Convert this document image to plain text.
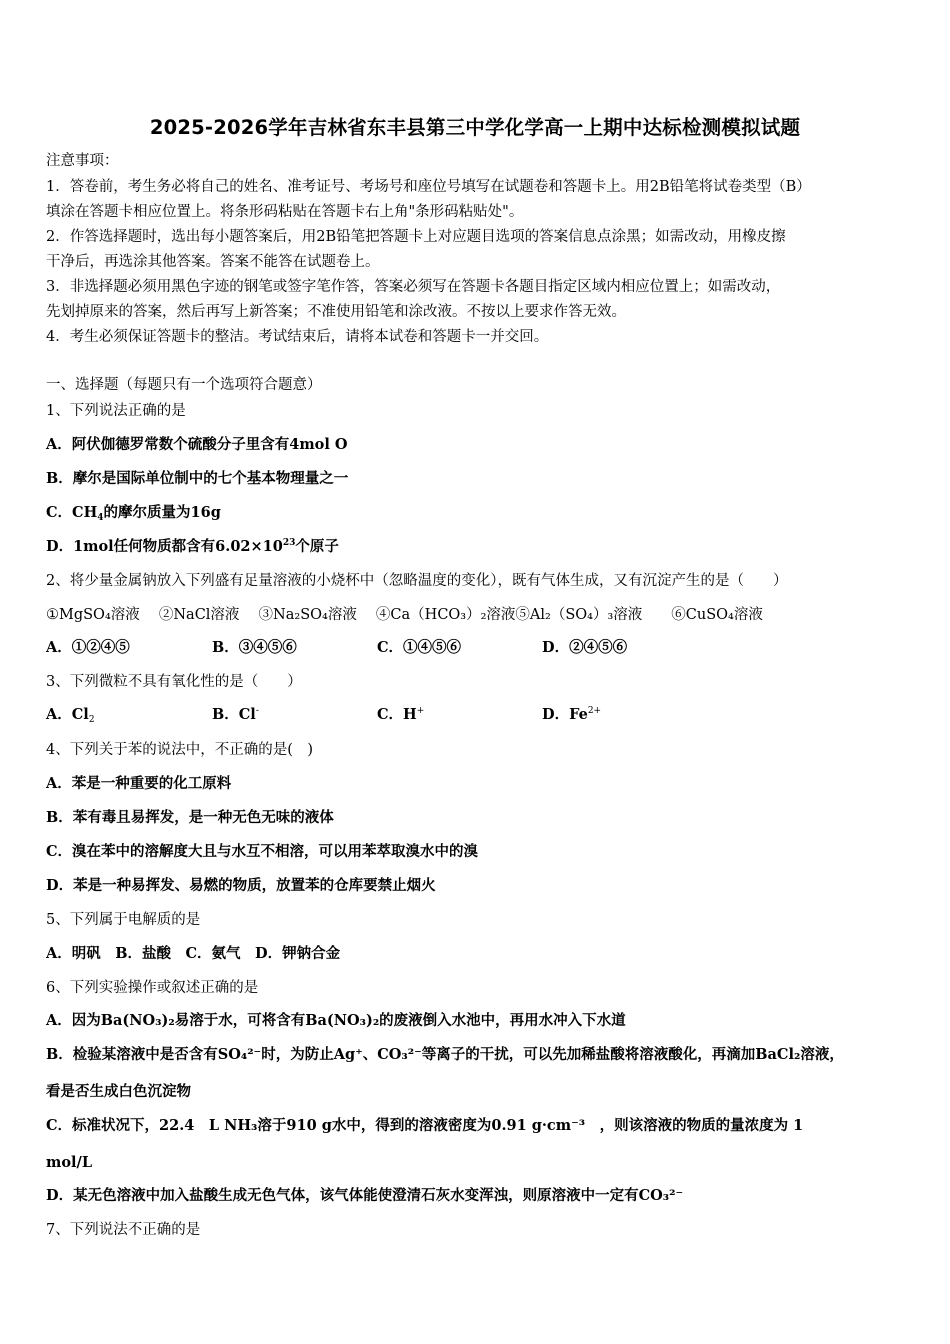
2025-2026学年吉林省东丰县第三中学化学高一上期中达标检测模拟试题
注意事项：
1．答卷前，考生务必将自己的姓名、准考证号、考场号和座位号填写在试题卷和答题卡上。用2B铅笔将试卷类型（B）
填涂在答题卡相应位置上。将条形码粘贴在答题卡右上角"条形码粘贴处"。
2．作答选择题时，选出每小题答案后，用2B铅笔把答题卡上对应题目选项的答案信息点涂黑；如需改动，用橡皮擦
干净后，再选涂其他答案。答案不能答在试题卷上。
3．非选择题必须用黑色字迹的钢笔或签字笔作答，答案必须写在答题卡各题目指定区域内相应位置上；如需改动，
先划掉原来的答案，然后再写上新答案；不准使用铅笔和涂改液。不按以上要求作答无效。
4．考生必须保证答题卡的整洁。考试结束后，请将本试卷和答题卡一并交回。
一、选择题（每题只有一个选项符合题意）
1、下列说法正确的是
A．阿伏伽德罗常数个硫酸分子里含有4mol O
B．摩尔是国际单位制中的七个基本物理量之一
C．$CH_4$的摩尔质量为16g
D．1mol任何物质都含有$6.02\times 10^{23}$个原子
2、将少量金属钠放入下列盛有足量溶液的小烧杯中（忽略温度的变化），既有气体生成，又有沉淀产生的是（　　）
①MgSO₄溶液　 ②NaCl溶液　 ③Na₂SO₄溶液　 ④Ca（HCO₃）₂溶液⑤Al₂（SO₄）₃溶液　　⑥CuSO₄溶液
A．①②④⑤	B．③④⑤⑥	C．①④⑤⑥	D．②④⑤⑥
3、下列微粒不具有氧化性的是（　　）
A．$Cl_2$	B．Cl-	C．H+	D．$Fe^{2+}$
4、下列关于苯的说法中，不正确的是(　)
A．苯是一种重要的化工原料
B．苯有毒且易挥发，是一种无色无味的液体
C．溴在苯中的溶解度大且与水互不相溶，可以用苯萃取溴水中的溴
D．苯是一种易挥发、易燃的物质，放置苯的仓库要禁止烟火
5、下列属于电解质的是
A．明矾　B．盐酸　C．氨气　D．钾钠合金
6、下列实验操作或叙述正确的是
A．因为Ba(NO₃)₂易溶于水，可将含有Ba(NO₃)₂的废液倒入水池中，再用水冲入下水道
B．检验某溶液中是否含有SO₄²⁻时，为防止Ag⁺、CO₃²⁻等离子的干扰，可以先加稀盐酸将溶液酸化，再滴加BaCl₂溶液，
看是否生成白色沉淀物
C．标准状况下，22.4　L NH₃溶于910 g水中，得到的溶液密度为0.91 g·cm⁻³　，则该溶液的物质的量浓度为 1
mol/L
D．某无色溶液中加入盐酸生成无色气体，该气体能使澄清石灰水变浑浊，则原溶液中一定有CO₃²⁻
7、下列说法不正确的是
